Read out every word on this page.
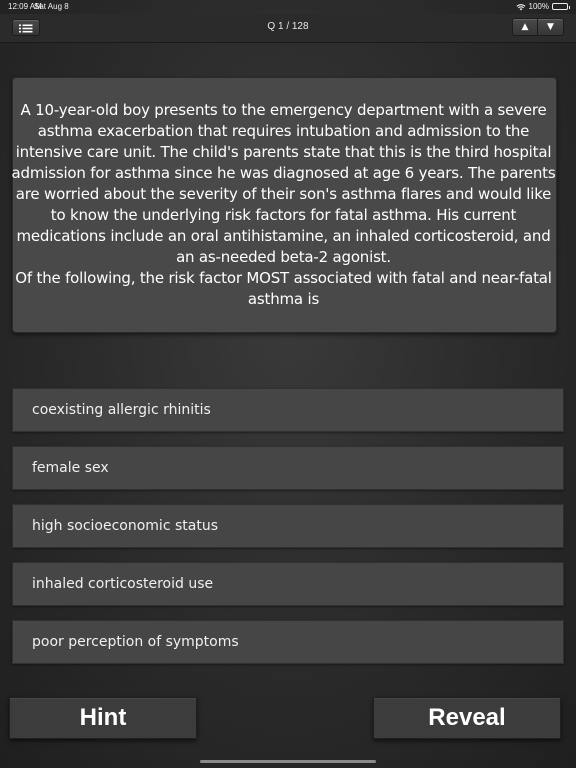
12:09 AM
Sat Aug 8	100%
Q 1 / 128	▲ ▼

A 10-year-old boy presents to the emergency department with a severe asthma exacerbation that requires intubation and admission to the intensive care unit. The child's parents state that this is the third hospital admission for asthma since he was diagnosed at age 6 years. The parents are worried about the severity of their son's asthma flares and would like to know the underlying risk factors for fatal asthma. His current medications include an oral antihistamine, an inhaled corticosteroid, and an as-needed beta-2 agonist.

Of the following, the risk factor MOST associated with fatal and near-fatal asthma is

coexisting allergic rhinitis
female sex
high socioeconomic status
inhaled corticosteroid use
poor perception of symptoms
Hint	Reveal
